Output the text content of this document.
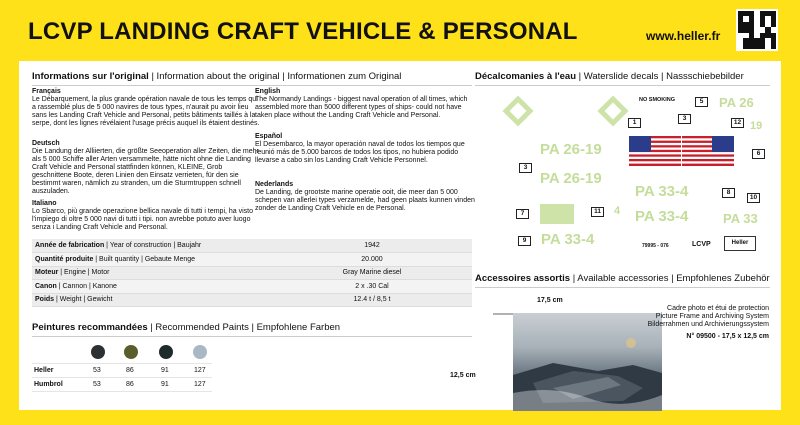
LCVP LANDING CRAFT VEHICLE & PERSONAL	www.heller.fr
Informations sur l'original | Information about the original | Informationen zum Original
Français
Le Débarquement, la plus grande opération navale de tous les temps qui a rassemblé plus de 5 000 navires de tous types, n'aurait pu avoir lieu sans les Landing Craft Vehicle and Personal, petits bâtiments taillés à la serpe, dont les lignes révélaient l'usage précis auquel ils étaient destinés.
Deutsch
Die Landung der Alliierten, die größte Seeoperation aller Zeiten, die mehr als 5 000 Schiffe aller Arten versammelte, hätte nicht ohne die Landing Craft Vehicle and Personal stattfinden können, KLEINE, Grob geschnittene Boote, deren Linien den Einsatz verrieten, für den sie bestimmt waren, nämlich zu stranden, um die Sturmtruppen schnell auszuladen.
Italiano
Lo Sbarco, più grande operazione bellica navale di tutti i tempi, ha visto l'impiego di oltre 5 000 navi di tutti i tipi. non avrebbe potuto aver luogo senza i Landing Craft Vehicle and Personal.
English
The Normandy Landings - biggest naval operation of all times, which assembled more than 5000 different types of ships- could not have taken place without the Landing Craft Vehicle and Personal.
Español
El Desembarco, la mayor operación naval de todos los tiempos que reunió más de 5.000 barcos de todos los tipos, no hubiera podido llevarse a cabo sin los Landing Craft Vehicle Personnel.
Nederlands
De Landing, de grootste marine operatie ooit, die meer dan 5 000 schepen van allerlei types verzamelde, had geen plaats kunnen vinden zonder de Landing Craft Vehicle en de Personal.
Année de fabrication | Year of construction | Baujahr	1942
Quantité produite | Built quantity | Gebaute Menge	20.000
Moteur | Engine | Motor	Gray Marine diesel
Canon | Cannon | Kanone	2 x .30 Cal
Poids | Weight | Gewicht	12.4 t / 8,5 t
Peintures recommandées | Recommended Paints | Empfohlene Farben
Heller	53	86	91	127
Humbrol	53	86	91	127
Décalcomanies à l'eau | Waterslide decals | Nassschiebebilder
NO SMOKING	5	PA 26
3
1	12 19
6
PA 26-19
3
PA 26-19
PA 33-4	8
10
7	11 4 PA 33-4	PA 33
9 PA 33-4	79995 - 076	LCVP	Heller
Accessoires assortis | Available accessories | Empfohlenes Zubehör
17,5 cm
12,5 cm
Cadre photo et étui de protection
Picture Frame and Archiving System
Bilderrahmen und Archivierungssystem
N° 09500 - 17,5 x 12,5 cm
